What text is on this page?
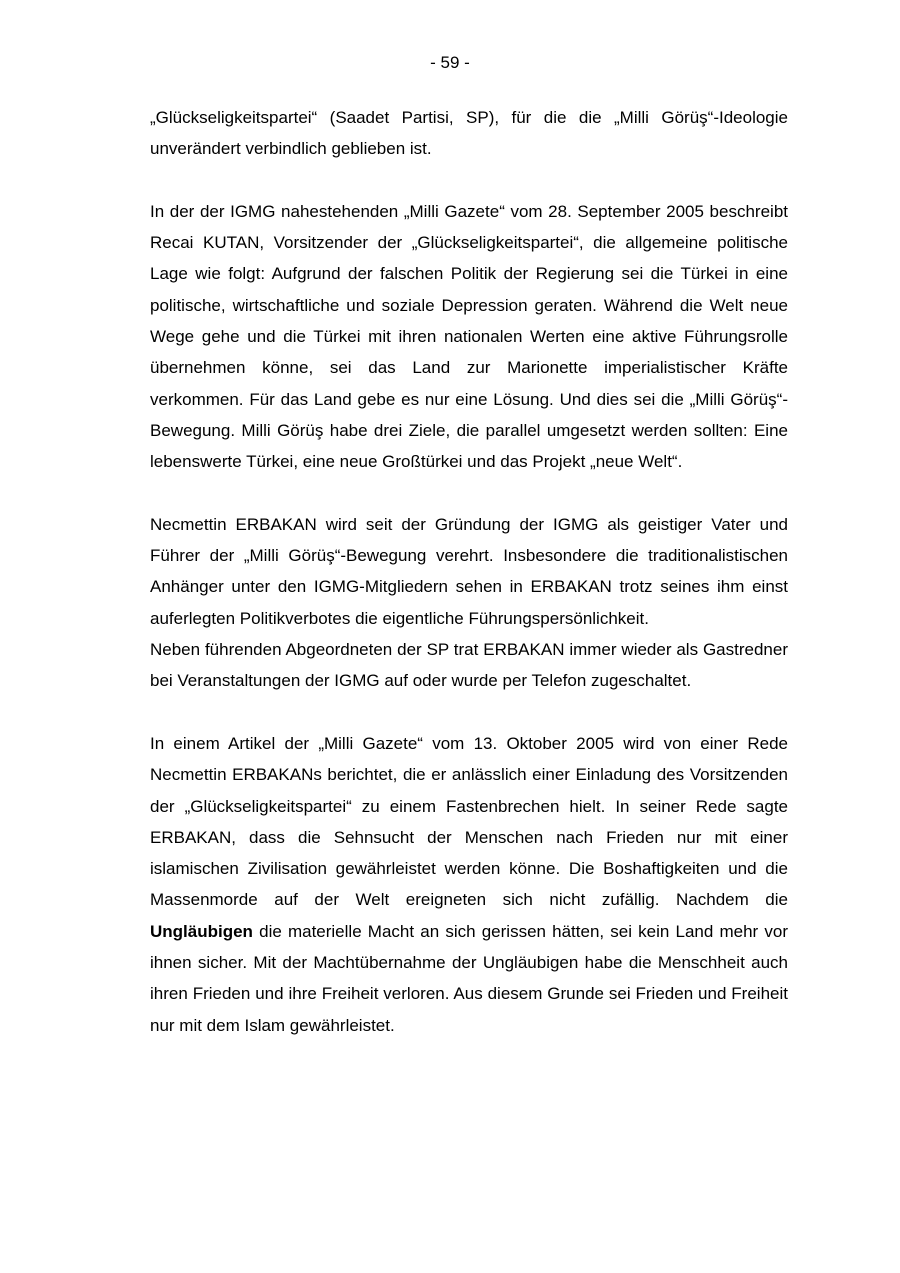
- 59 -

„Glückseligkeitspartei“ (Saadet Partisi, SP), für die die „Milli Görüş“-Ideologie unverändert verbindlich geblieben ist.

In der der IGMG nahestehenden „Milli Gazete“ vom 28. September 2005 beschreibt Recai KUTAN, Vorsitzender der „Glückseligkeitspartei“, die allgemeine politische Lage wie folgt: Aufgrund der falschen Politik der Regierung sei die Türkei in eine politische, wirtschaftliche und soziale Depression geraten. Während die Welt neue Wege gehe und die Türkei mit ihren nationalen Werten eine aktive Führungsrolle übernehmen könne, sei das Land zur Marionette imperialistischer Kräfte verkommen. Für das Land gebe es nur eine Lösung. Und dies sei die „Milli Görüş“-Bewegung. Milli Görüş habe drei Ziele, die parallel umgesetzt werden sollten: Eine lebenswerte Türkei, eine neue Großtürkei und das Projekt „neue Welt“.

Necmettin ERBAKAN wird seit der Gründung der IGMG als geistiger Vater und Führer der „Milli Görüş“-Bewegung verehrt. Insbesondere die traditionalistischen Anhänger unter den IGMG-Mitgliedern sehen in ERBAKAN trotz seines ihm einst auferlegten Politikverbotes die eigentliche Führungspersönlichkeit.

Neben führenden Abgeordneten der SP trat ERBAKAN immer wieder als Gastredner bei Veranstaltungen der IGMG auf oder wurde per Telefon zugeschaltet.

In einem Artikel der „Milli Gazete“ vom 13. Oktober 2005 wird von einer Rede Necmettin ERBAKANs berichtet, die er anlässlich einer Einladung des Vorsitzenden der „Glückseligkeitspartei“ zu einem Fastenbrechen hielt. In seiner Rede sagte ERBAKAN, dass die Sehnsucht der Menschen nach Frieden nur mit einer islamischen Zivilisation gewährleistet werden könne. Die Boshaftigkeiten und die Massenmorde auf der Welt ereigneten sich nicht zufällig. Nachdem die Ungläubigen die materielle Macht an sich gerissen hätten, sei kein Land mehr vor ihnen sicher. Mit der Machtübernahme der Ungläubigen habe die Menschheit auch ihren Frieden und ihre Freiheit verloren. Aus diesem Grunde sei Frieden und Freiheit nur mit dem Islam gewährleistet.
